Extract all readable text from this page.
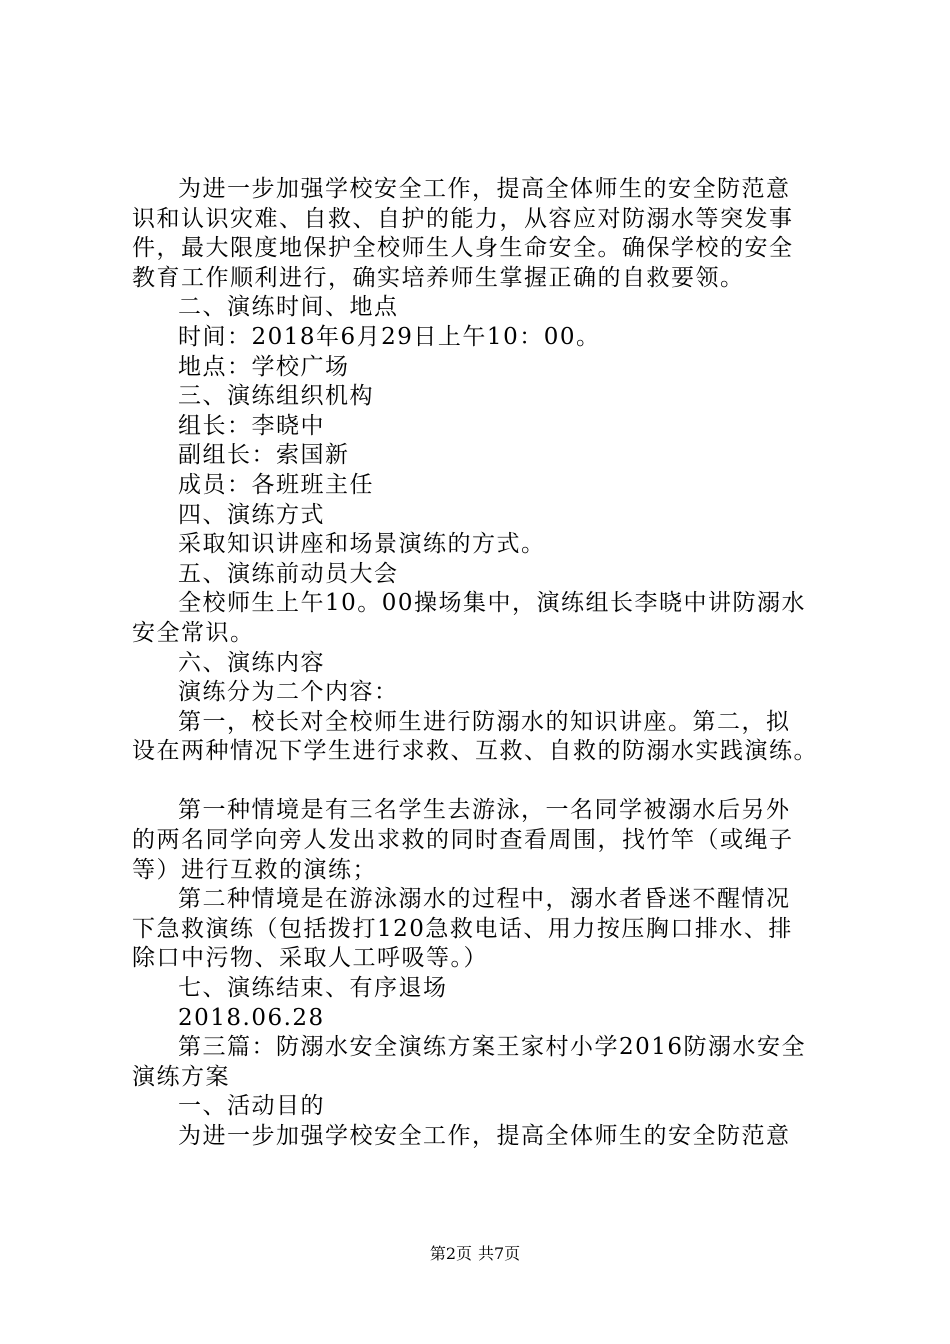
为进一步加强学校安全工作，提高全体师生的安全防范意
识和认识灾难、自救、自护的能力，从容应对防溺水等突发事
件，最大限度地保护全校师生人身生命安全。确保学校的安全
教育工作顺利进行，确实培养师生掌握正确的自救要领。
二、演练时间、地点
时间：2018年6月29日上午10：00。
地点：学校广场
三、演练组织机构
组长：李晓中
副组长：索国新
成员：各班班主任
四、演练方式
采取知识讲座和场景演练的方式。
五、演练前动员大会
全校师生上午10。00操场集中，演练组长李晓中讲防溺水
安全常识。
六、演练内容
演练分为二个内容：
第一，校长对全校师生进行防溺水的知识讲座。第二，拟
设在两种情况下学生进行求救、互救、自救的防溺水实践演练。
第一种情境是有三名学生去游泳，一名同学被溺水后另外
的两名同学向旁人发出求救的同时查看周围，找竹竿（或绳子
等）进行互救的演练；
第二种情境是在游泳溺水的过程中，溺水者昏迷不醒情况
下急救演练（包括拨打120急救电话、用力按压胸口排水、排
除口中污物、采取人工呼吸等。）
七、演练结束、有序退场
2018.06.28
第三篇：防溺水安全演练方案王家村小学2016防溺水安全
演练方案
一、活动目的
为进一步加强学校安全工作，提高全体师生的安全防范意
第2页 共7页
